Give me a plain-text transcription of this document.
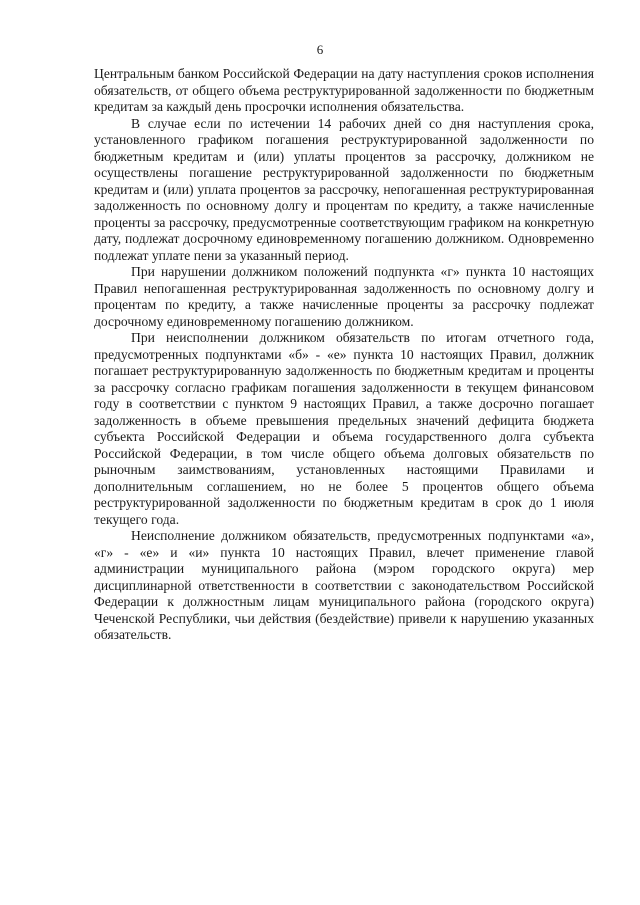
6

Центральным банком Российской Федерации на дату наступления сроков исполнения обязательств, от общего объема реструктурированной задолженности по бюджетным кредитам за каждый день просрочки исполнения обязательства.

В случае если по истечении 14 рабочих дней со дня наступления срока, установленного графиком погашения реструктурированной задолженности по бюджетным кредитам и (или) уплаты процентов за рассрочку, должником не осуществлены погашение реструктурированной задолженности по бюджетным кредитам и (или) уплата процентов за рассрочку, непогашенная реструктурированная задолженность по основному долгу и процентам по кредиту, а также начисленные проценты за рассрочку, предусмотренные соответствующим графиком на конкретную дату, подлежат досрочному единовременному погашению должником. Одновременно подлежат уплате пени за указанный период.

При нарушении должником положений подпункта «г» пункта 10 настоящих Правил непогашенная реструктурированная задолженность по основному долгу и процентам по кредиту, а также начисленные проценты за рассрочку подлежат досрочному единовременному погашению должником.

При неисполнении должником обязательств по итогам отчетного года, предусмотренных подпунктами «б» - «е» пункта 10 настоящих Правил, должник погашает реструктурированную задолженность по бюджетным кредитам и проценты за рассрочку согласно графикам погашения задолженности в текущем финансовом году в соответствии с пунктом 9 настоящих Правил, а также досрочно погашает задолженность в объеме превышения предельных значений дефицита бюджета субъекта Российской Федерации и объема государственного долга субъекта Российской Федерации, в том числе общего объема долговых обязательств по рыночным заимствованиям, установленных настоящими Правилами и дополнительным соглашением, но не более 5 процентов общего объема реструктурированной задолженности по бюджетным кредитам в срок до 1 июля текущего года.

Неисполнение должником обязательств, предусмотренных подпунктами «а», «г» - «е» и «и» пункта 10 настоящих Правил, влечет применение главой администрации муниципального района (мэром городского округа) мер дисциплинарной ответственности в соответствии с законодательством Российской Федерации к должностным лицам муниципального района (городского округа) Чеченской Республики, чьи действия (бездействие) привели к нарушению указанных обязательств.
